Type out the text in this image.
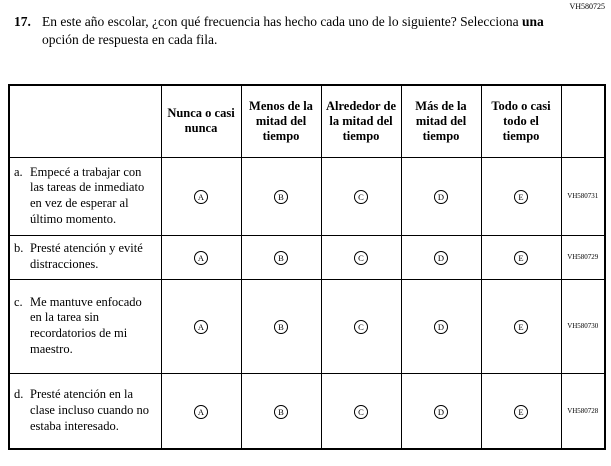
VH580725
17. En este año escolar, ¿con qué frecuencia has hecho cada uno de lo siguiente? Selecciona una opción de respuesta en cada fila.
	Nunca o casi nunca	Menos de la mitad del tiempo	Alrededor de la mitad del tiempo	Más de la mitad del tiempo	Todo o casi todo el tiempo	

a. Empecé a trabajar con las tareas de inmediato en vez de esperar al último momento.	A	B	C	D	E	VH580731

b. Presté atención y evité distracciones.	A	B	C	D	E	VH580729

c. Me mantuve enfocado en la tarea sin recordatorios de mi maestro.	A	B	C	D	E	VH580730

d. Presté atención en la clase incluso cuando no estaba interesado.	A	B	C	D	E	VH580728
